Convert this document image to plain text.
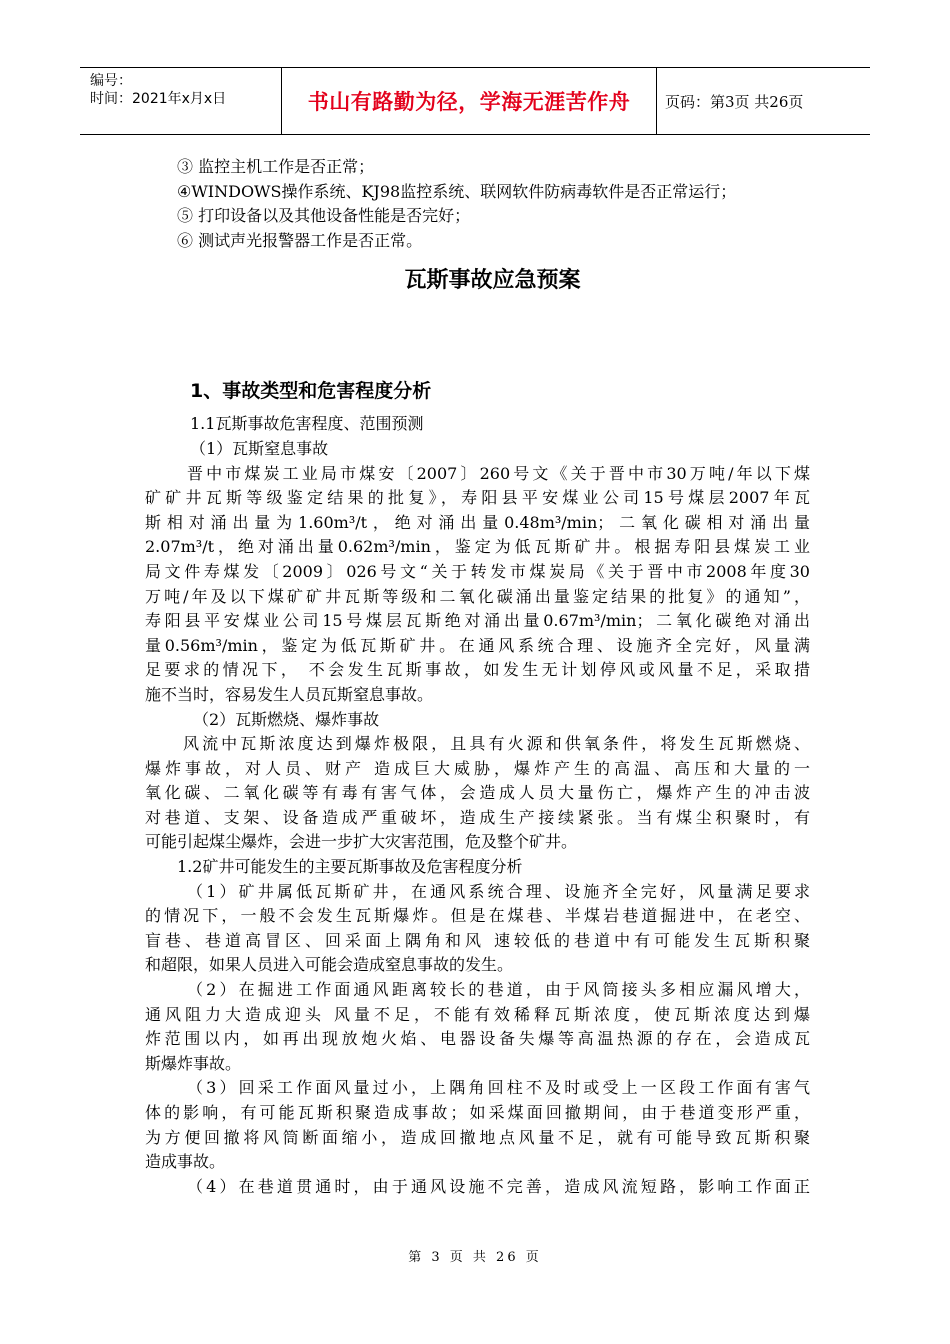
编号：
时间：2021年x月x日	书山有路勤为径，学海无涯苦作舟	页码：第3页 共26页
③ 监控主机工作是否正常；
④WINDOWS操作系统、KJ98监控系统、联网软件防病毒软件是否正常运行；
⑤ 打印设备以及其他设备性能是否完好；
⑥ 测试声光报警器工作是否正常。
瓦斯事故应急预案
1、事故类型和危害程度分析
1.1瓦斯事故危害程度、范围预测
（1）瓦斯窒息事故
晋中市煤炭工业局市煤安〔2007〕260号文《关于晋中市30万吨/年以下煤
矿矿井瓦斯等级鉴定结果的批复》，寿阳县平安煤业公司15号煤层2007年瓦
斯相对涌出量为1.60m³/t，绝对涌出量0.48m³/min；二氧化碳相对涌出量
2.07m³/t，绝对涌出量0.62m³/min，鉴定为低瓦斯矿井。根据寿阳县煤炭工业
局文件寿煤发〔2009〕026号文“关于转发市煤炭局《关于晋中市2008年度30
万吨/年及以下煤矿矿井瓦斯等级和二氧化碳涌出量鉴定结果的批复》的通知”，
寿阳县平安煤业公司15号煤层瓦斯绝对涌出量0.67m³/min；二氧化碳绝对涌出
量0.56m³/min，鉴定为低瓦斯矿井。在通风系统合理、设施齐全完好，风量满
足要求的情况下， 不会发生瓦斯事故，如发生无计划停风或风量不足，采取措
施不当时，容易发生人员瓦斯窒息事故。
（2）瓦斯燃烧、爆炸事故
风流中瓦斯浓度达到爆炸极限，且具有火源和供氧条件，将发生瓦斯燃烧、
爆炸事故，对人员、财产 造成巨大威胁，爆炸产生的高温、高压和大量的一
氧化碳、二氧化碳等有毒有害气体，会造成人员大量伤亡，爆炸产生的冲击波
对巷道、支架、设备造成严重破坏，造成生产接续紧张。当有煤尘积聚时，有
可能引起煤尘爆炸，会进一步扩大灾害范围，危及整个矿井。
1.2矿井可能发生的主要瓦斯事故及危害程度分析
（1）矿井属低瓦斯矿井，在通风系统合理、设施齐全完好，风量满足要求
的情况下，一般不会发生瓦斯爆炸。但是在煤巷、半煤岩巷道掘进中，在老空、
盲巷、巷道高冒区、回采面上隅角和风 速较低的巷道中有可能发生瓦斯积聚
和超限，如果人员进入可能会造成窒息事故的发生。
（2）在掘进工作面通风距离较长的巷道，由于风筒接头多相应漏风增大，
通风阻力大造成迎头 风量不足，不能有效稀释瓦斯浓度，使瓦斯浓度达到爆
炸范围以内，如再出现放炮火焰、电器设备失爆等高温热源的存在，会造成瓦
斯爆炸事故。
（3）回采工作面风量过小，上隅角回柱不及时或受上一区段工作面有害气
体的影响，有可能瓦斯积聚造成事故；如采煤面回撤期间，由于巷道变形严重，
为方便回撤将风筒断面缩小，造成回撤地点风量不足，就有可能导致瓦斯积聚
造成事故。
（4）在巷道贯通时，由于通风设施不完善，造成风流短路，影响工作面正
第 3 页 共 26 页
